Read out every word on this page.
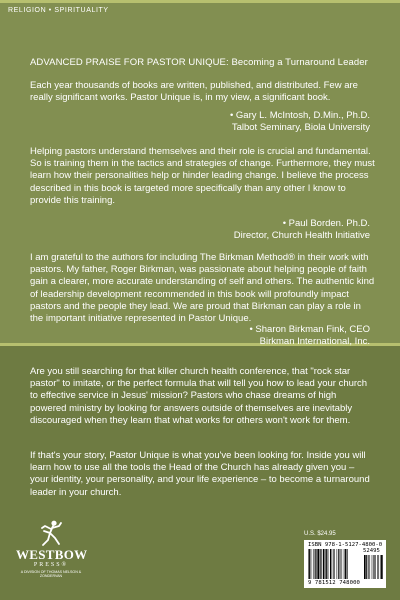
RELIGION • SPIRITUALITY
ADVANCED PRAISE FOR PASTOR UNIQUE: Becoming a Turnaround Leader

Each year thousands of books are written, published, and distributed. Few are really significant works. Pastor Unique is, in my view, a significant book.

• Gary L. McIntosh, D.Min., Ph.D.
Talbot Seminary, Biola University

Helping pastors understand themselves and their role is crucial and fundamental. So is training them in the tactics and strategies of change. Furthermore, they must learn how their personalities help or hinder leading change. I believe the process described in this book is targeted more specifically than any other I know to provide this training.

• Paul Borden. Ph.D.
Director, Church Health Initiative

I am grateful to the authors for including The Birkman Method® in their work with pastors. My father, Roger Birkman, was passionate about helping people of faith gain a clearer, more accurate understanding of self and others. The authentic kind of leadership development recommended in this book will profoundly impact pastors and the people they lead. We are proud that Birkman can play a role in the important initiative represented in Pastor Unique.

• Sharon Birkman Fink, CEO
Birkman International, Inc.

Are you still searching for that killer church health conference, that "rock star pastor" to imitate, or the perfect formula that will tell you how to lead your church to effective service in Jesus' mission? Pastors who chase dreams of high powered ministry by looking for answers outside of themselves are inevitably discouraged when they learn that what works for others won't work for them.

If that's your story, Pastor Unique is what you've been looking for. Inside you will learn how to use all the tools the Head of the Church has already given you – your identity, your personality, and your life experience – to become a turnaround leader in your church.

WESTBOW
PRESS®
A DIVISION OF THOMAS NELSON & ZONDERVAN
U.S. $24.95
ISBN 978-1-5127-4800-0
52495
9 781512 748000
